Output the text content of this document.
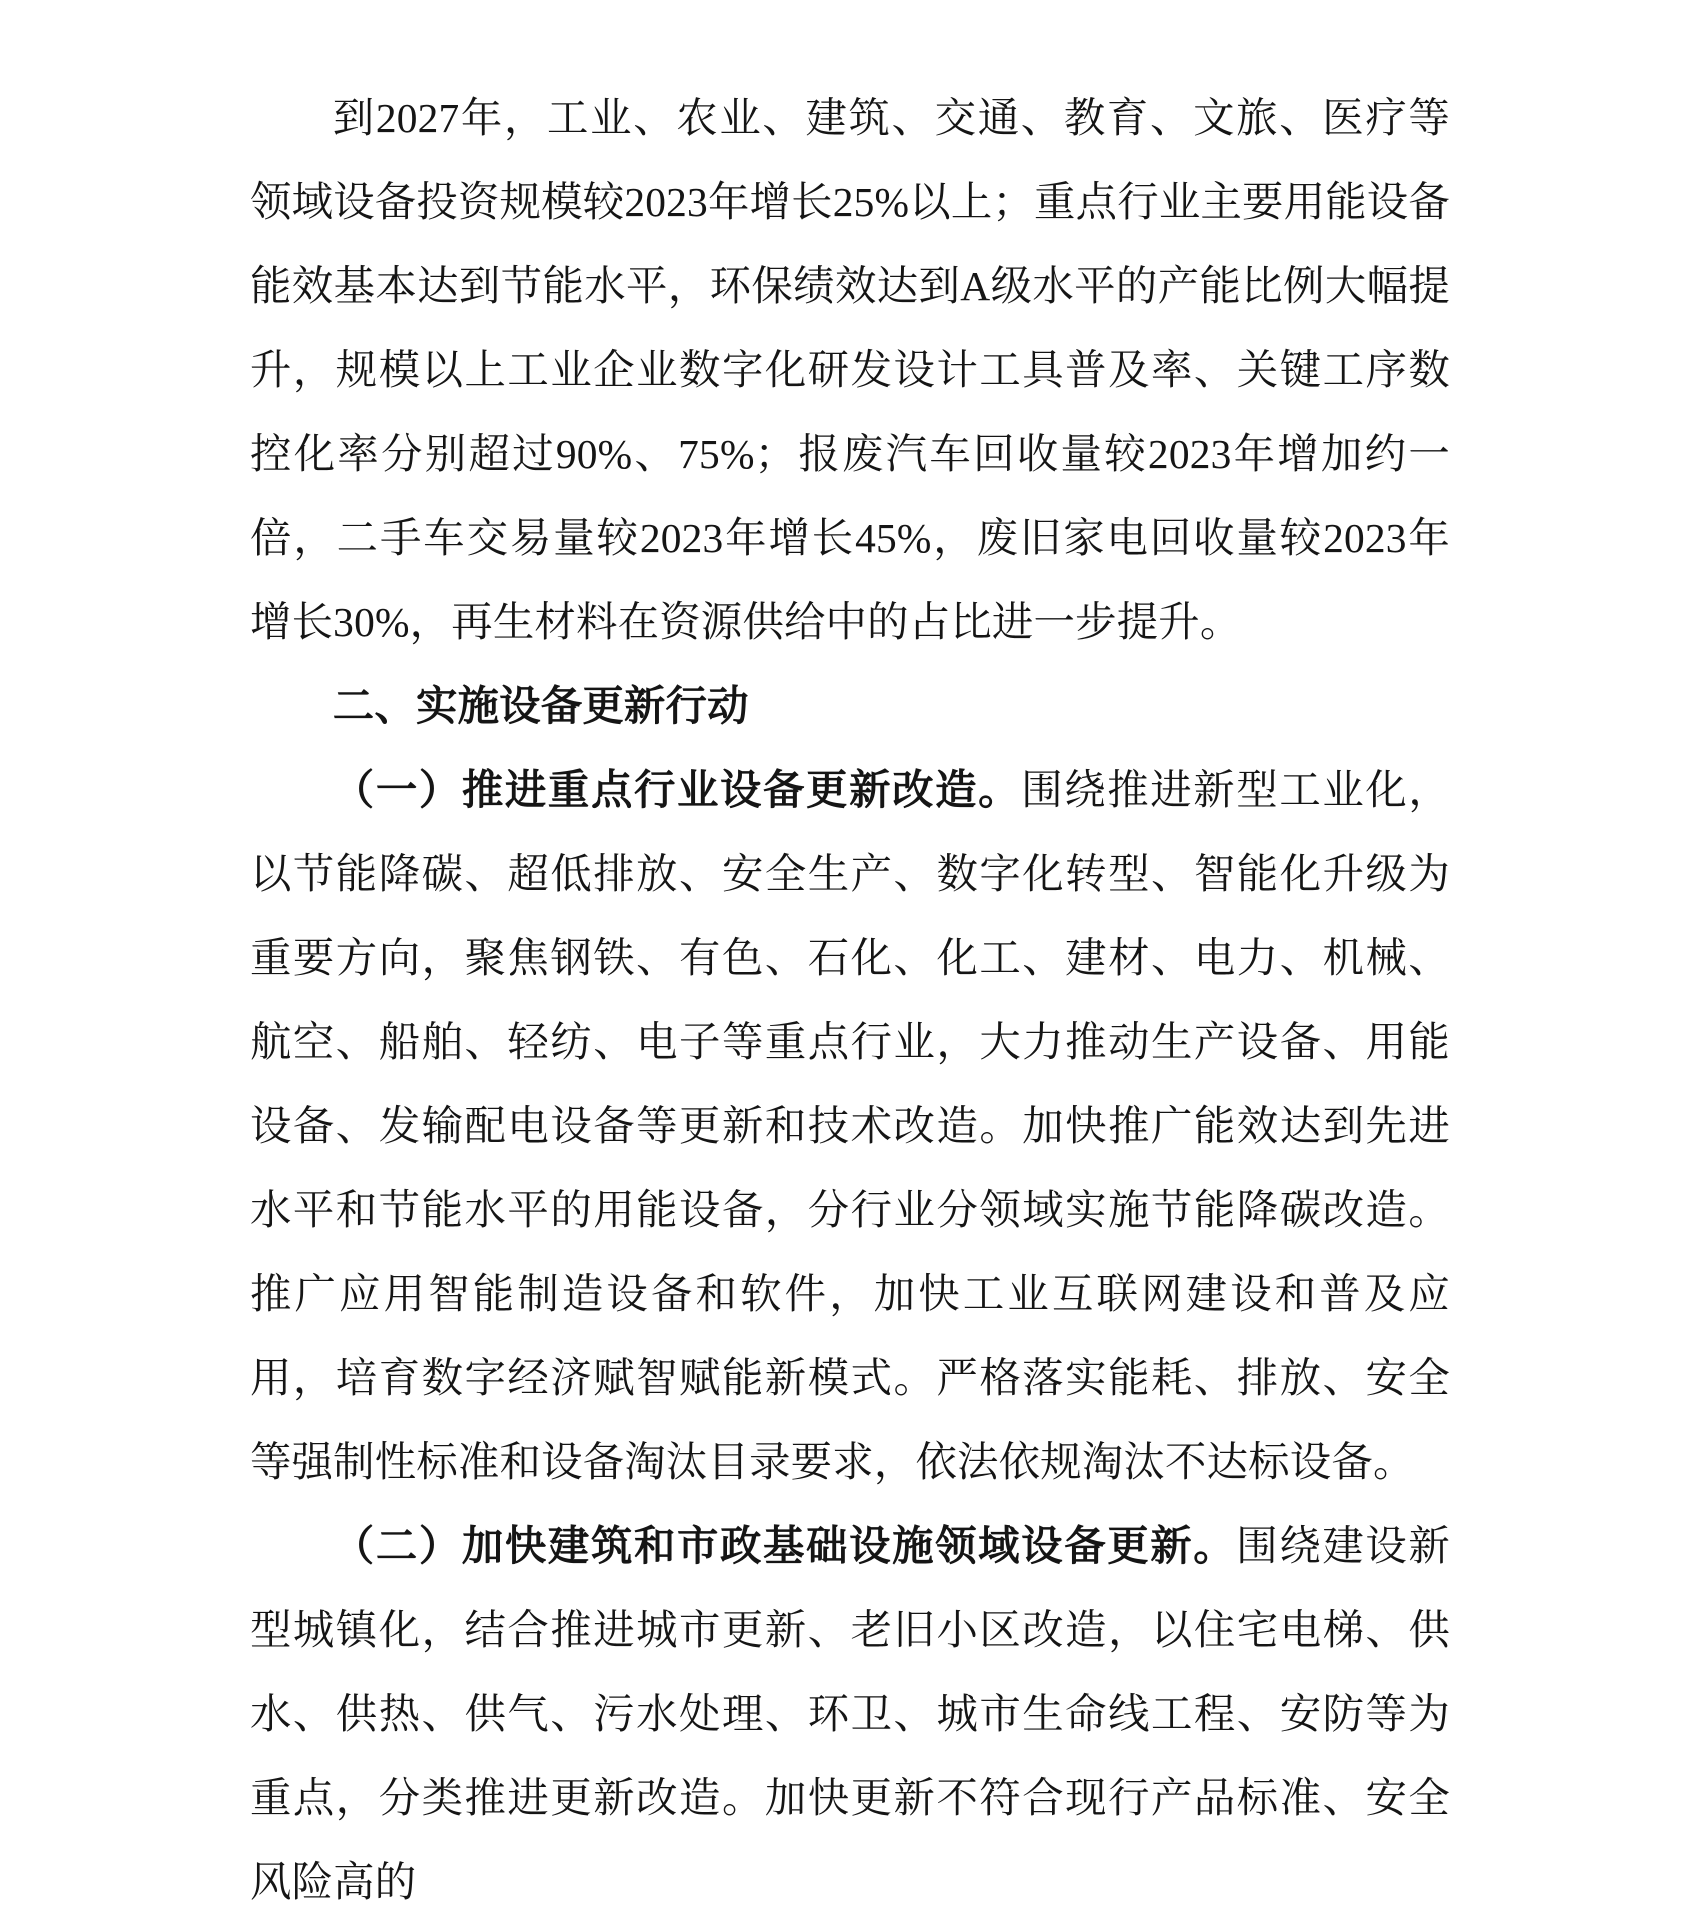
到2027年，工业、农业、建筑、交通、教育、文旅、医疗等领域设备投资规模较2023年增长25%以上；重点行业主要用能设备能效基本达到节能水平，环保绩效达到A级水平的产能比例大幅提升，规模以上工业企业数字化研发设计工具普及率、关键工序数控化率分别超过90%、75%；报废汽车回收量较2023年增加约一倍，二手车交易量较2023年增长45%，废旧家电回收量较2023年增长30%，再生材料在资源供给中的占比进一步提升。

二、实施设备更新行动

（一）推进重点行业设备更新改造。围绕推进新型工业化，以节能降碳、超低排放、安全生产、数字化转型、智能化升级为重要方向，聚焦钢铁、有色、石化、化工、建材、电力、机械、航空、船舶、轻纺、电子等重点行业，大力推动生产设备、用能设备、发输配电设备等更新和技术改造。加快推广能效达到先进水平和节能水平的用能设备，分行业分领域实施节能降碳改造。推广应用智能制造设备和软件，加快工业互联网建设和普及应用，培育数字经济赋智赋能新模式。严格落实能耗、排放、安全等强制性标准和设备淘汰目录要求，依法依规淘汰不达标设备。

（二）加快建筑和市政基础设施领域设备更新。围绕建设新型城镇化，结合推进城市更新、老旧小区改造，以住宅电梯、供水、供热、供气、污水处理、环卫、城市生命线工程、安防等为重点，分类推进更新改造。加快更新不符合现行产品标准、安全风险高的
